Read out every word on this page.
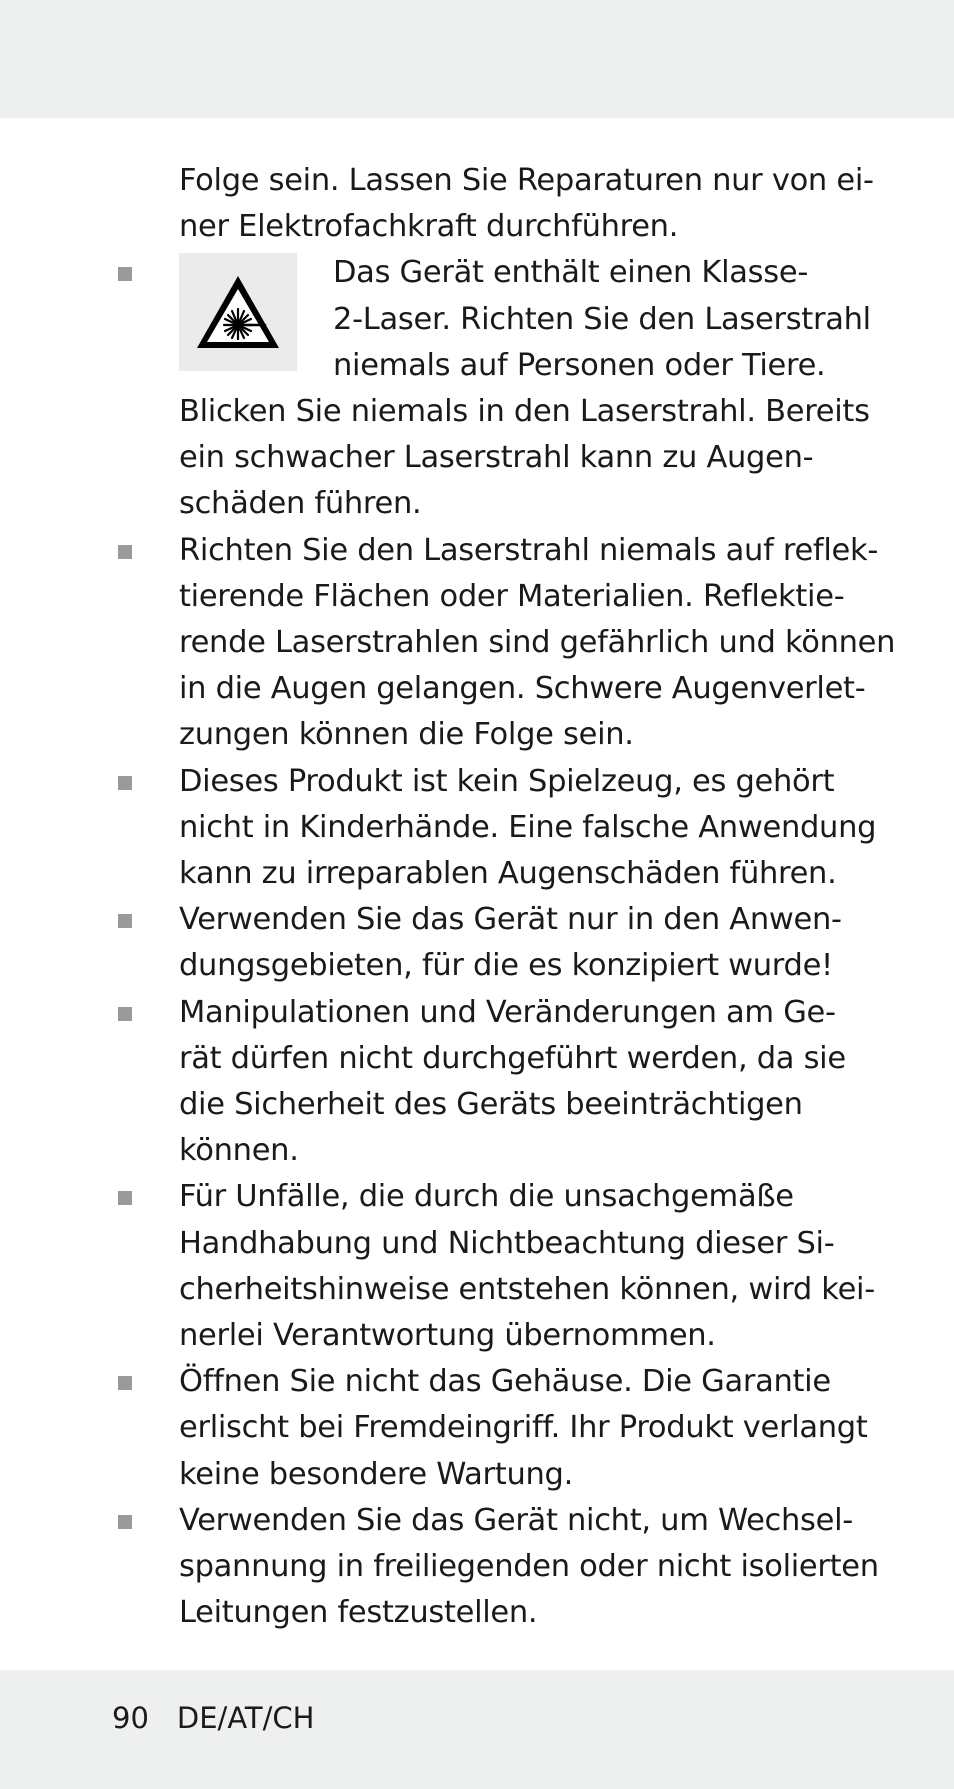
Folge sein. Lassen Sie Reparaturen nur von ei-
ner Elektrofachkraft durchführen.
Das Gerät enthält einen Klasse-
2-Laser. Richten Sie den Laserstrahl
niemals auf Personen oder Tiere.
Blicken Sie niemals in den Laserstrahl. Bereits
ein schwacher Laserstrahl kann zu Augen-
schäden führen.
Richten Sie den Laserstrahl niemals auf reflek-
tierende Flächen oder Materialien. Reflektie-
rende Laserstrahlen sind gefährlich und können
in die Augen gelangen. Schwere Augenverlet-
zungen können die Folge sein.
Dieses Produkt ist kein Spielzeug, es gehört
nicht in Kinderhände. Eine falsche Anwendung
kann zu irreparablen Augenschäden führen.
Verwenden Sie das Gerät nur in den Anwen-
dungsgebieten, für die es konzipiert wurde!
Manipulationen und Veränderungen am Ge-
rät dürfen nicht durchgeführt werden, da sie
die Sicherheit des Geräts beeinträchtigen
können.
Für Unfälle, die durch die unsachgemäße
Handhabung und Nichtbeachtung dieser Si-
cherheitshinweise entstehen können, wird kei-
nerlei Verantwortung übernommen.
Öffnen Sie nicht das Gehäuse. Die Garantie
erlischt bei Fremdeingriff. Ihr Produkt verlangt
keine besondere Wartung.
Verwenden Sie das Gerät nicht, um Wechsel-
spannung in freiliegenden oder nicht isolierten
Leitungen festzustellen.
90 DE/AT/CH
